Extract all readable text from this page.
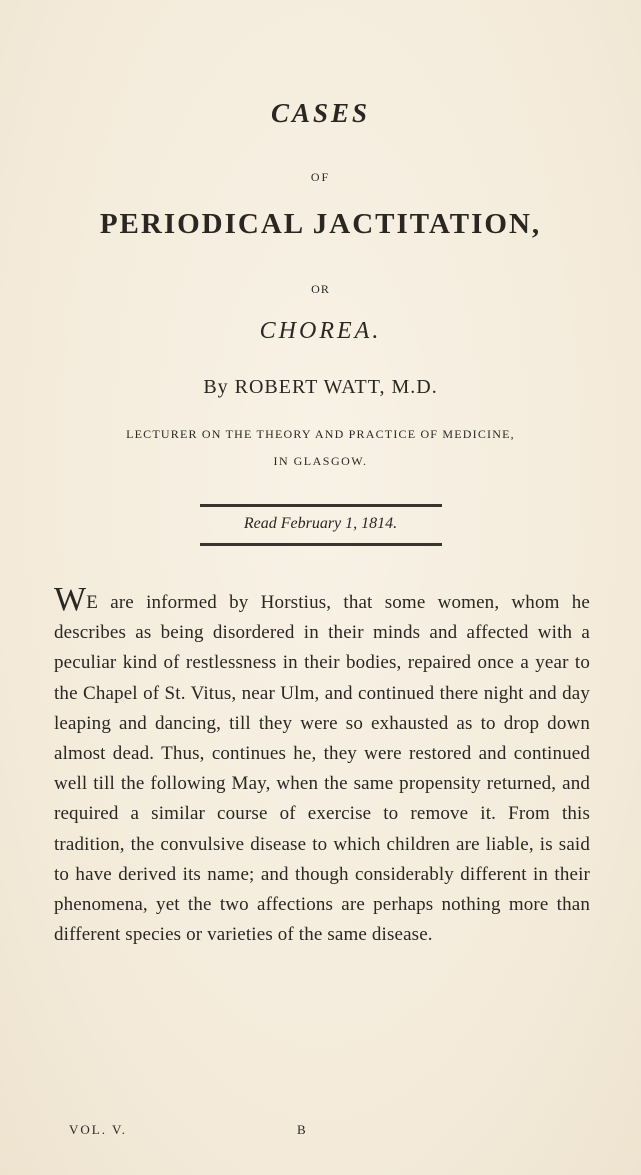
CASES
OF
PERIODICAL JACTITATION,
OR
CHOREA.
By ROBERT WATT, M.D.
LECTURER ON THE THEORY AND PRACTICE OF MEDICINE,
IN GLASGOW.
Read February 1, 1814.
WE are informed by Horstius, that some women, whom he describes as being disordered in their minds and affected with a peculiar kind of restlessness in their bodies, repaired once a year to the Chapel of St. Vitus, near Ulm, and continued there night and day leaping and dancing, till they were so exhausted as to drop down almost dead. Thus, continues he, they were restored and continued well till the following May, when the same propensity returned, and required a similar course of exercise to remove it. From this tradition, the convulsive disease to which children are liable, is said to have derived its name; and though considerably different in their phenomena, yet the two affections are perhaps nothing more than different species or varieties of the same disease.
VOL. V.	B
